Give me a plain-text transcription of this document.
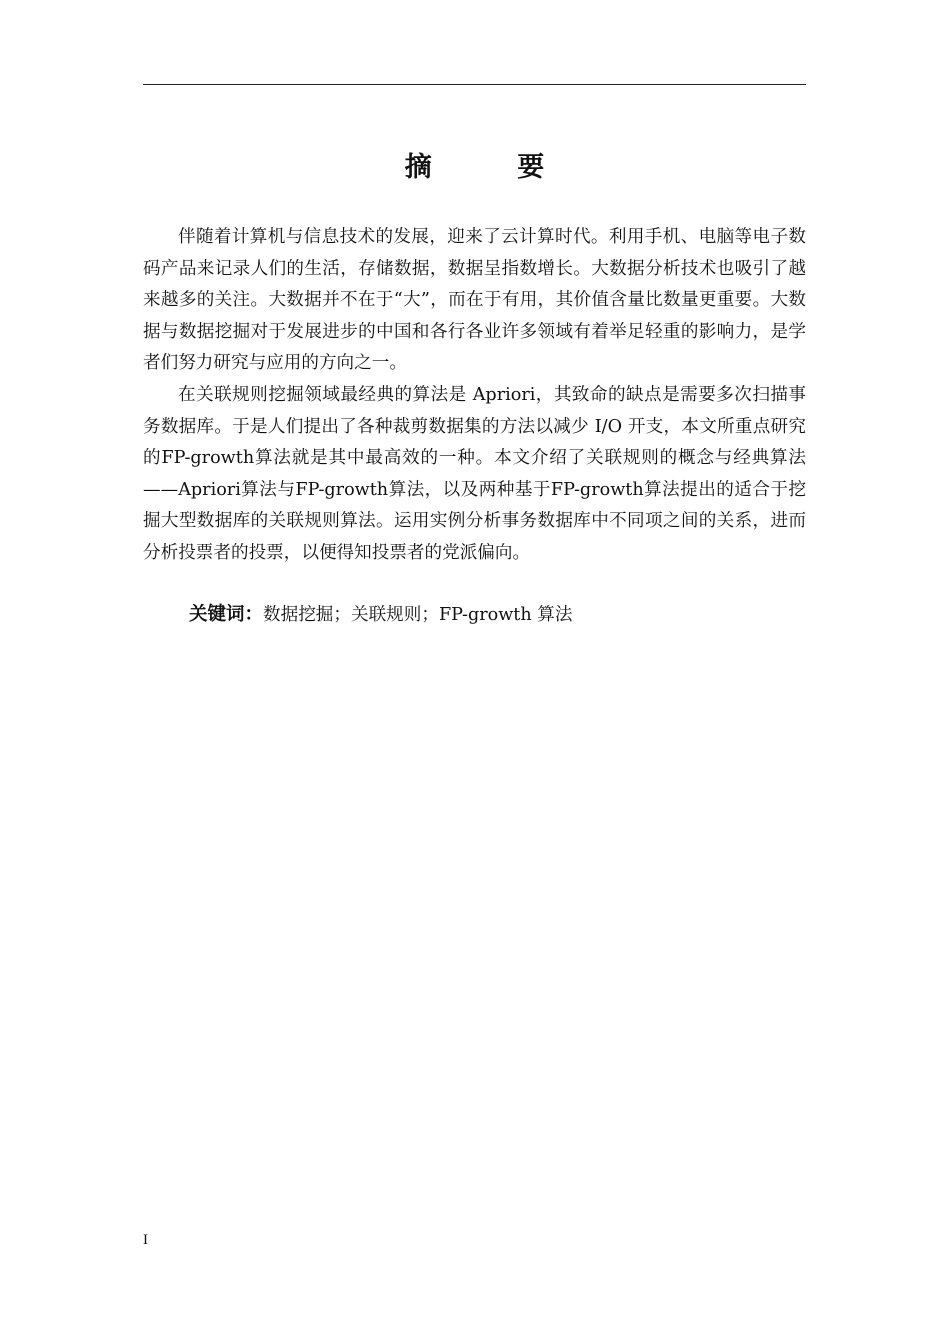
摘 要

伴随着计算机与信息技术的发展，迎来了云计算时代。利用手机、电脑等电子数码产品来记录人们的生活，存储数据，数据呈指数增长。大数据分析技术也吸引了越来越多的关注。大数据并不在于“大”，而在于有用，其价值含量比数量更重要。大数据与数据挖掘对于发展进步的中国和各行各业许多领域有着举足轻重的影响力，是学者们努力研究与应用的方向之一。

在关联规则挖掘领域最经典的算法是 Apriori，其致命的缺点是需要多次扫描事务数据库。于是人们提出了各种裁剪数据集的方法以减少 I/O 开支，本文所重点研究的FP-growth算法就是其中最高效的一种。本文介绍了关联规则的概念与经典算法——Apriori算法与FP-growth算法，以及两种基于FP-growth算法提出的适合于挖掘大型数据库的关联规则算法。运用实例分析事务数据库中不同项之间的关系，进而分析投票者的投票，以便得知投票者的党派偏向。

关键词：数据挖掘；关联规则；FP-growth 算法
I
